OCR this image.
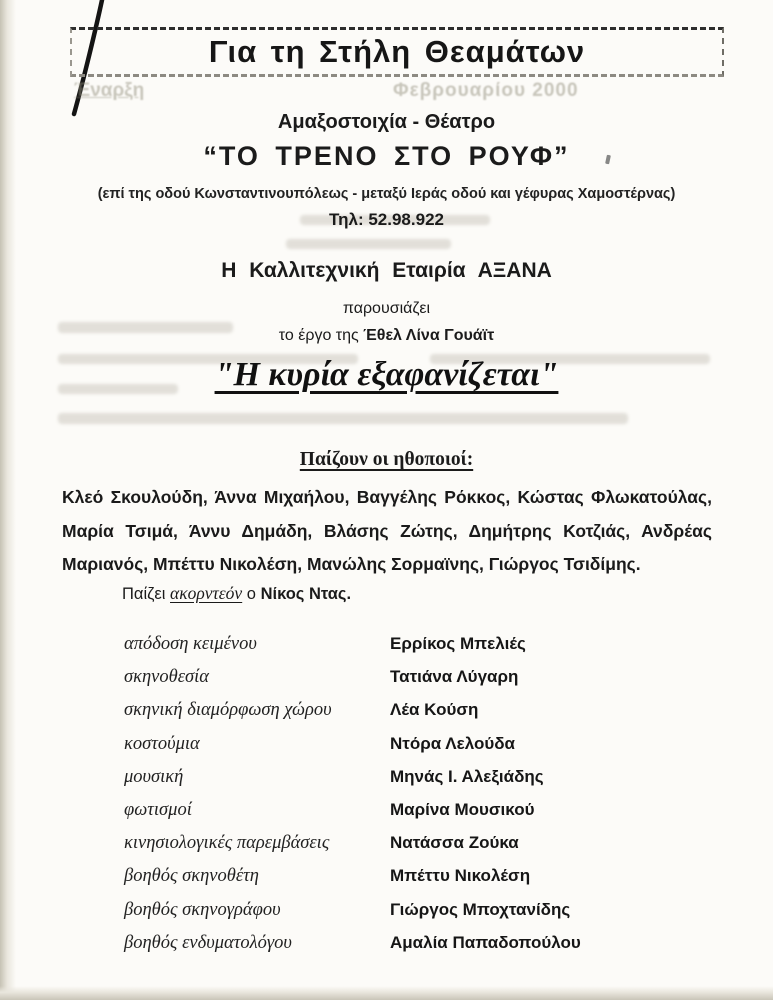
Έναρξη	Φεβρουαρίου 2000
Για τη Στήλη Θεαμάτων
Αμαξοστοιχία - Θέατρο
“ΤΟ ΤΡΕΝΟ ΣΤΟ ΡΟΥΦ”
(επί της οδού Κωνσταντινουπόλεως - μεταξύ Ιεράς οδού και γέφυρας Χαμοστέρνας)
Τηλ: 52.98.922
Η Καλλιτεχνική Εταιρία ΑΞΑΝΑ
παρουσιάζει
το έργο της Έθελ Λίνα Γουάϊτ
"Η κυρία εξαφανίζεται"
Παίζουν οι ηθοποιοί:
Κλεό Σκουλούδη, Άννα Μιχαήλου, Βαγγέλης Ρόκκος, Κώστας Φλωκατούλας,
Μαρία Τσιμά, Άννυ Δημάδη, Βλάσης Ζώτης, Δημήτρης Κοτζιάς, Ανδρέας
Μαριανός, Μπέττυ Νικολέση, Μανώλης Σορμαϊνης, Γιώργος Τσιδίμης.
Παίζει ακορντεόν ο Νίκος Ντας.
απόδοση κειμένου	Ερρίκος Μπελιές
σκηνοθεσία	Τατιάνα Λύγαρη
σκηνική διαμόρφωση χώρου	Λέα Κούση
κοστούμια	Ντόρα Λελούδα
μουσική	Μηνάς Ι. Αλεξιάδης
φωτισμοί	Μαρίνα Μουσικού
κινησιολογικές παρεμβάσεις	Νατάσσα Ζούκα
βοηθός σκηνοθέτη	Μπέττυ Νικολέση
βοηθός σκηνογράφου	Γιώργος Μποχτανίδης
βοηθός ενδυματολόγου	Αμαλία Παπαδοπούλου
